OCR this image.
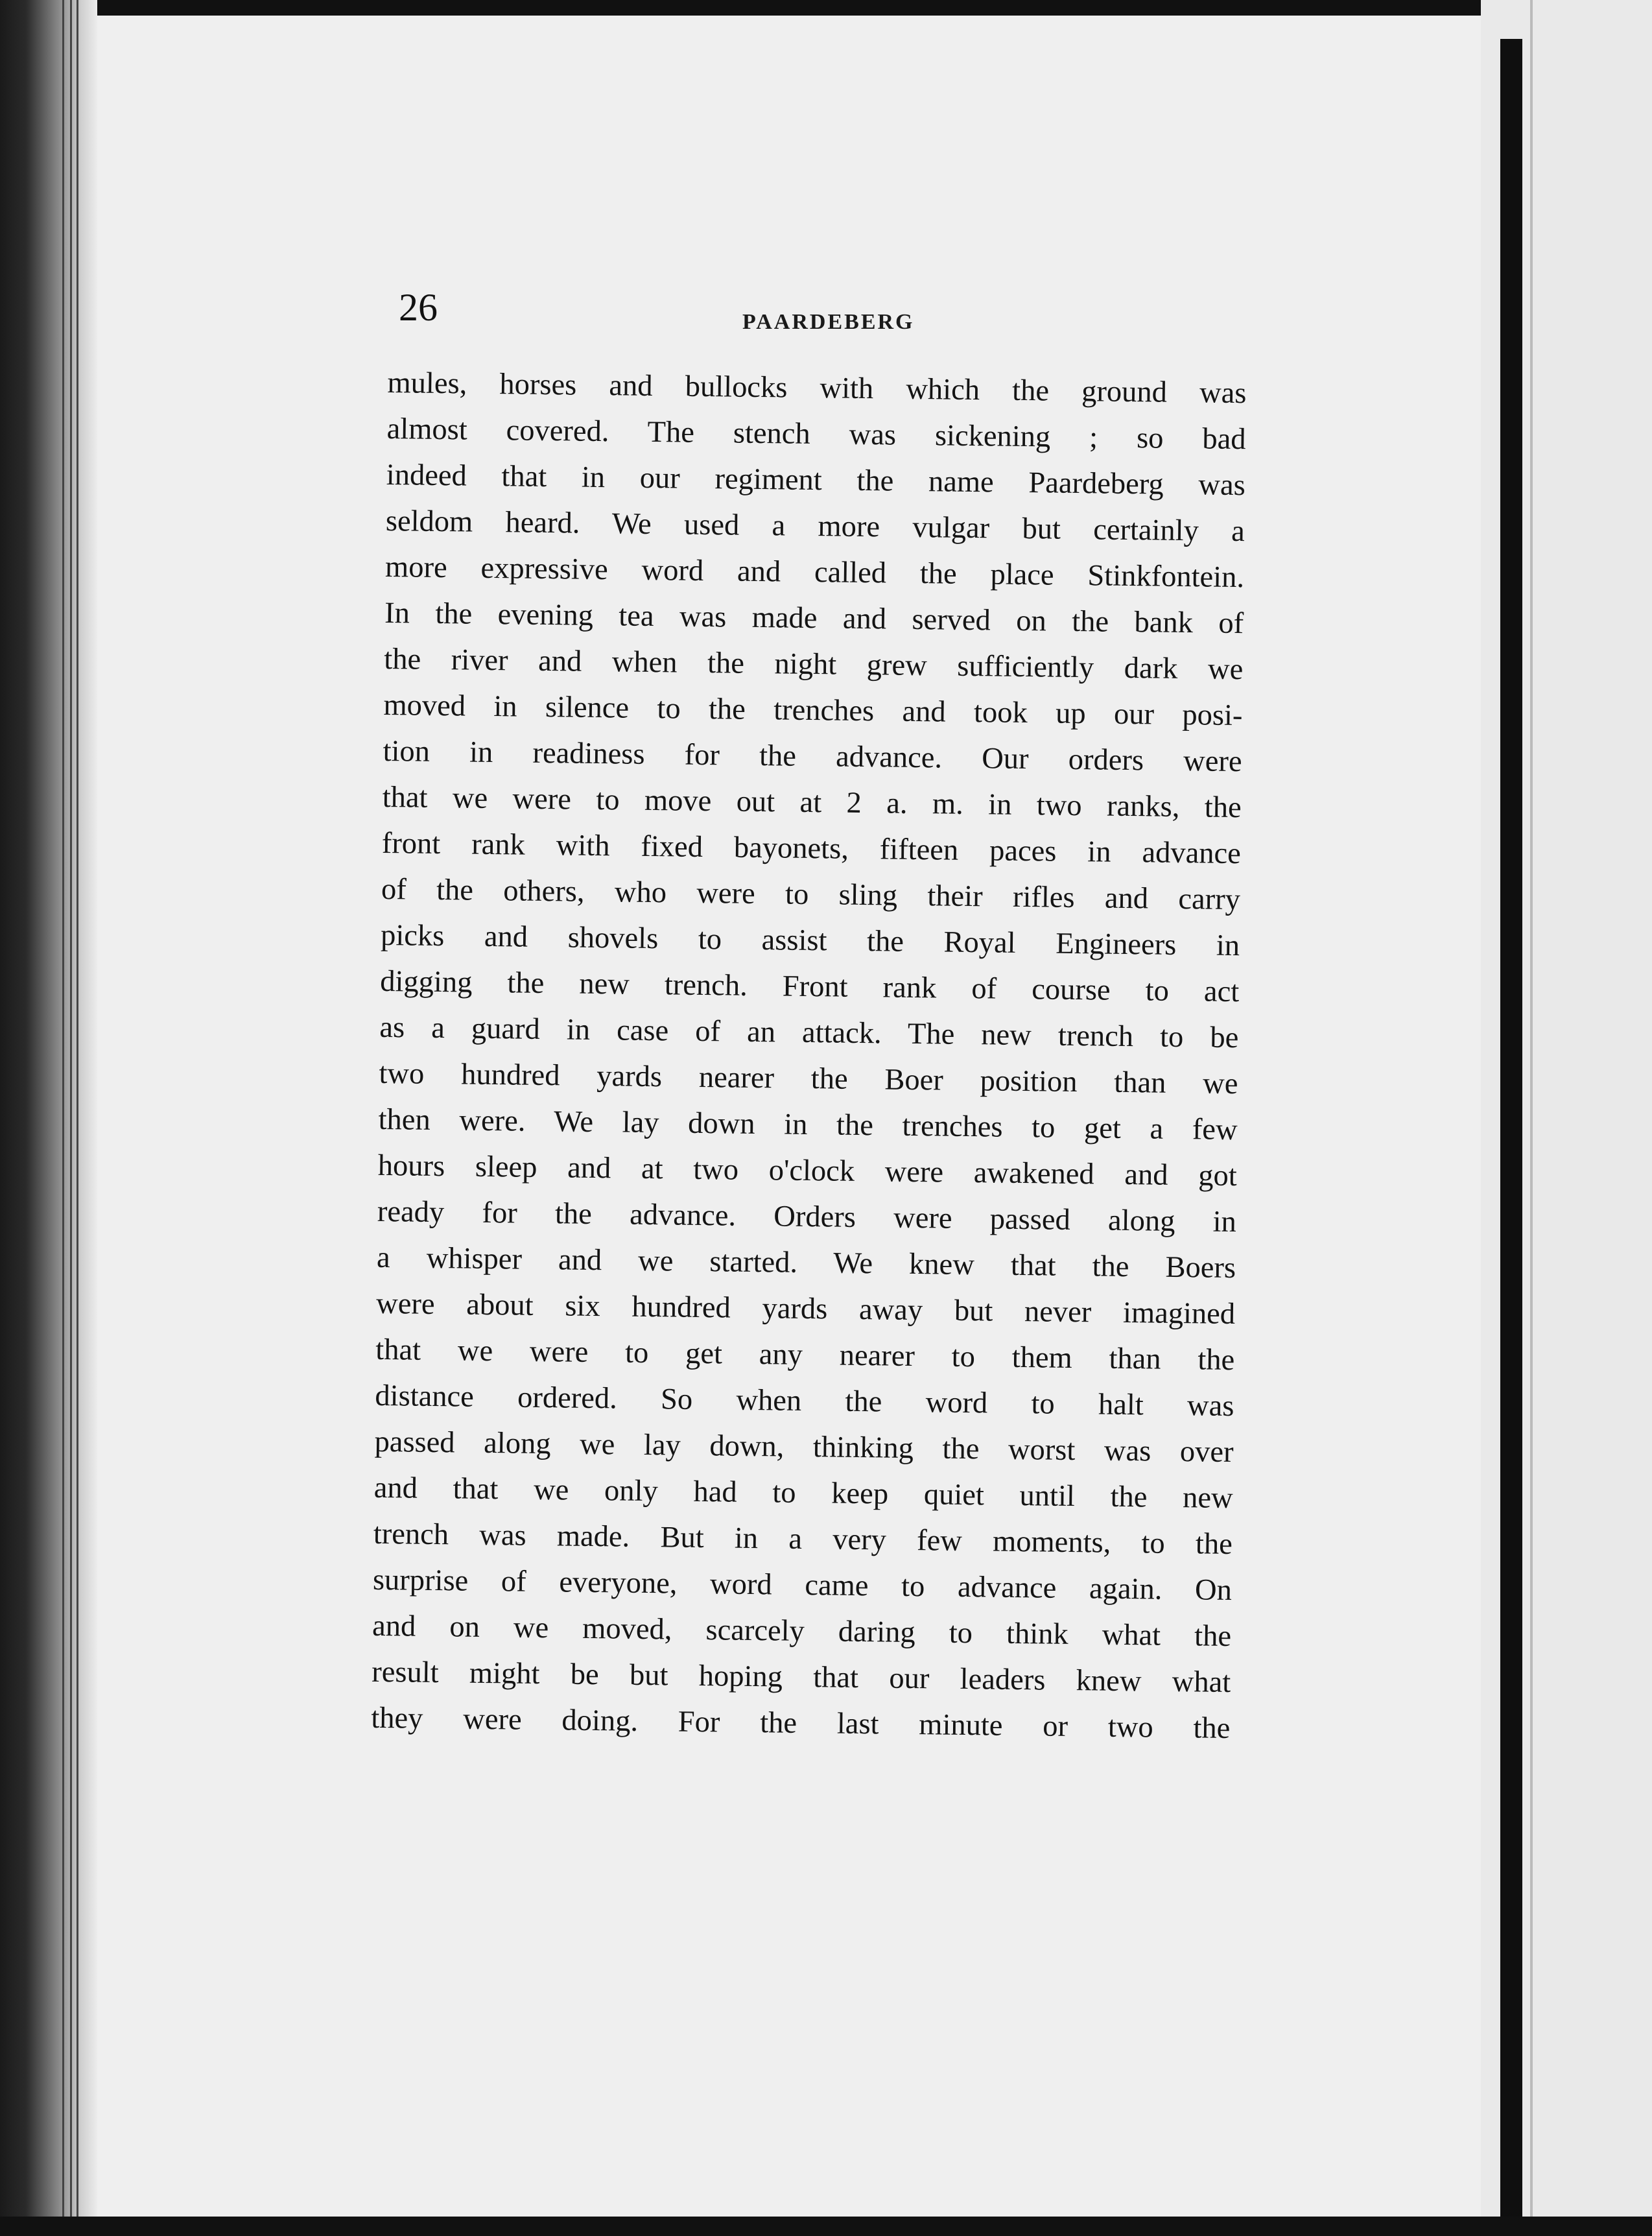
26	PAARDEBERG
mules, horses and bullocks with which the ground was
almost covered. The stench was sickening ; so bad
indeed that in our regiment the name Paardeberg was
seldom heard. We used a more vulgar but certainly a
more expressive word and called the place Stinkfontein.
In the evening tea was made and served on the bank of
the river and when the night grew sufficiently dark we
moved in silence to the trenches and took up our posi-
tion in readiness for the advance. Our orders were
that we were to move out at 2 a. m. in two ranks, the
front rank with fixed bayonets, fifteen paces in advance
of the others, who were to sling their rifles and carry
picks and shovels to assist the Royal Engineers in
digging the new trench. Front rank of course to act
as a guard in case of an attack. The new trench to be
two hundred yards nearer the Boer position than we
then were. We lay down in the trenches to get a few
hours sleep and at two o'clock were awakened and got
ready for the advance. Orders were passed along in
a whisper and we started. We knew that the Boers
were about six hundred yards away but never imagined
that we were to get any nearer to them than the
distance ordered. So when the word to halt was
passed along we lay down, thinking the worst was over
and that we only had to keep quiet until the new
trench was made. But in a very few moments, to the
surprise of everyone, word came to advance again. On
and on we moved, scarcely daring to think what the
result might be but hoping that our leaders knew what
they were doing. For the last minute or two the
